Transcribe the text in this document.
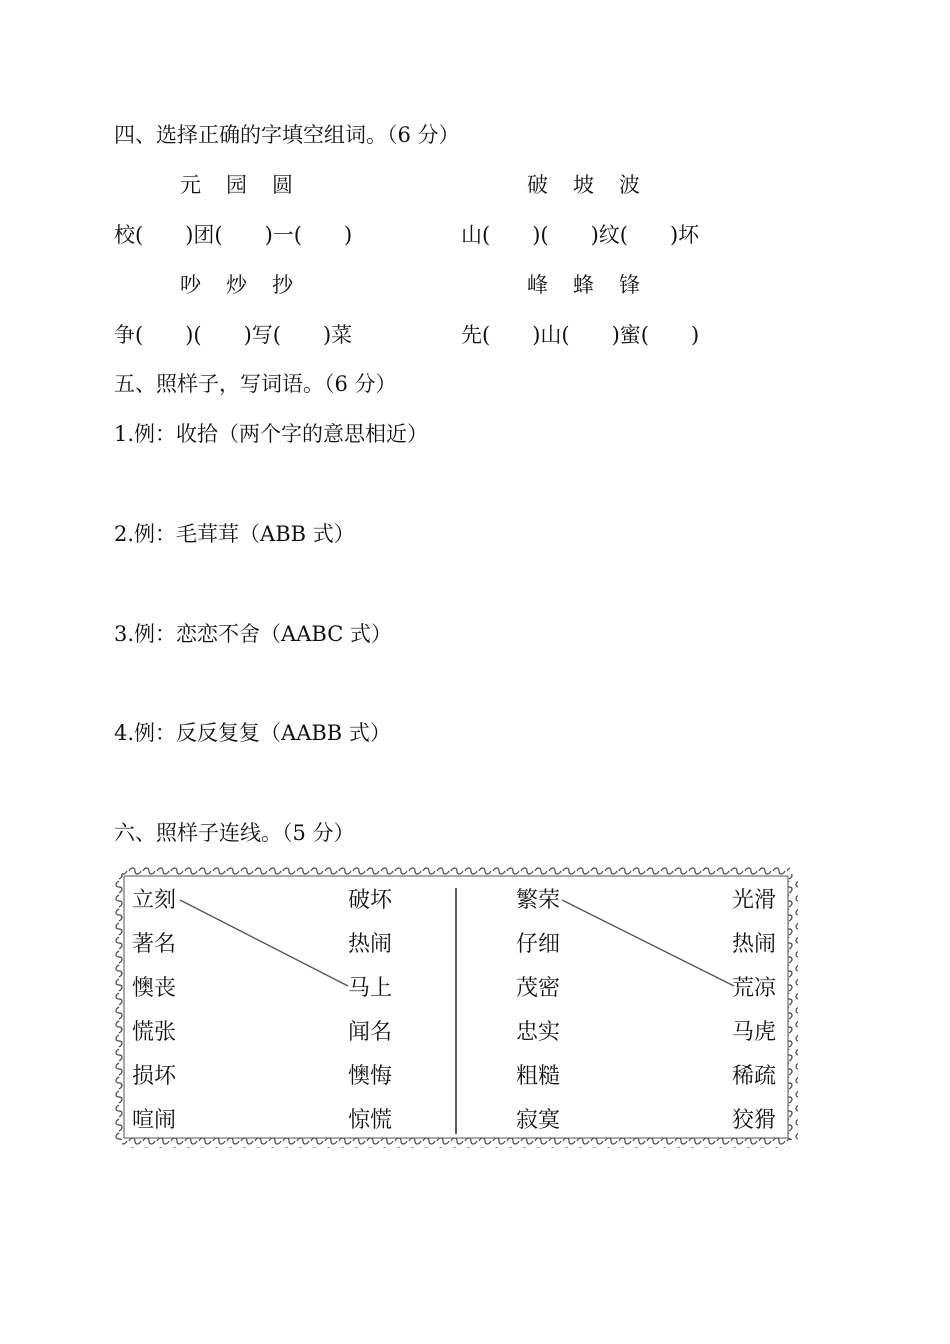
四、选择正确的字填空组词。（6 分）
元 园 圆	破 坡 波
校(　　)团(　　)一(　　)	山(　　)(　　)纹(　　)坏
吵 炒 抄	峰 蜂 锋
争(　　)(　　)写(　　)菜	先(　　)山(　　)蜜(　　)
五、照样子，写词语。（6 分）
1.例：收拾（两个字的意思相近）
2.例：毛茸茸（ABB 式）
3.例：恋恋不舍（AABC 式）
4.例：反反复复（AABB 式）
六、照样子连线。（5 分）
立刻
著名
懊丧
慌张
损坏
喧闹
破坏
热闹
马上
闻名
懊悔
惊慌
繁荣
仔细
茂密
忠实
粗糙
寂寞
光滑
热闹
荒凉
马虎
稀疏
狡猾
